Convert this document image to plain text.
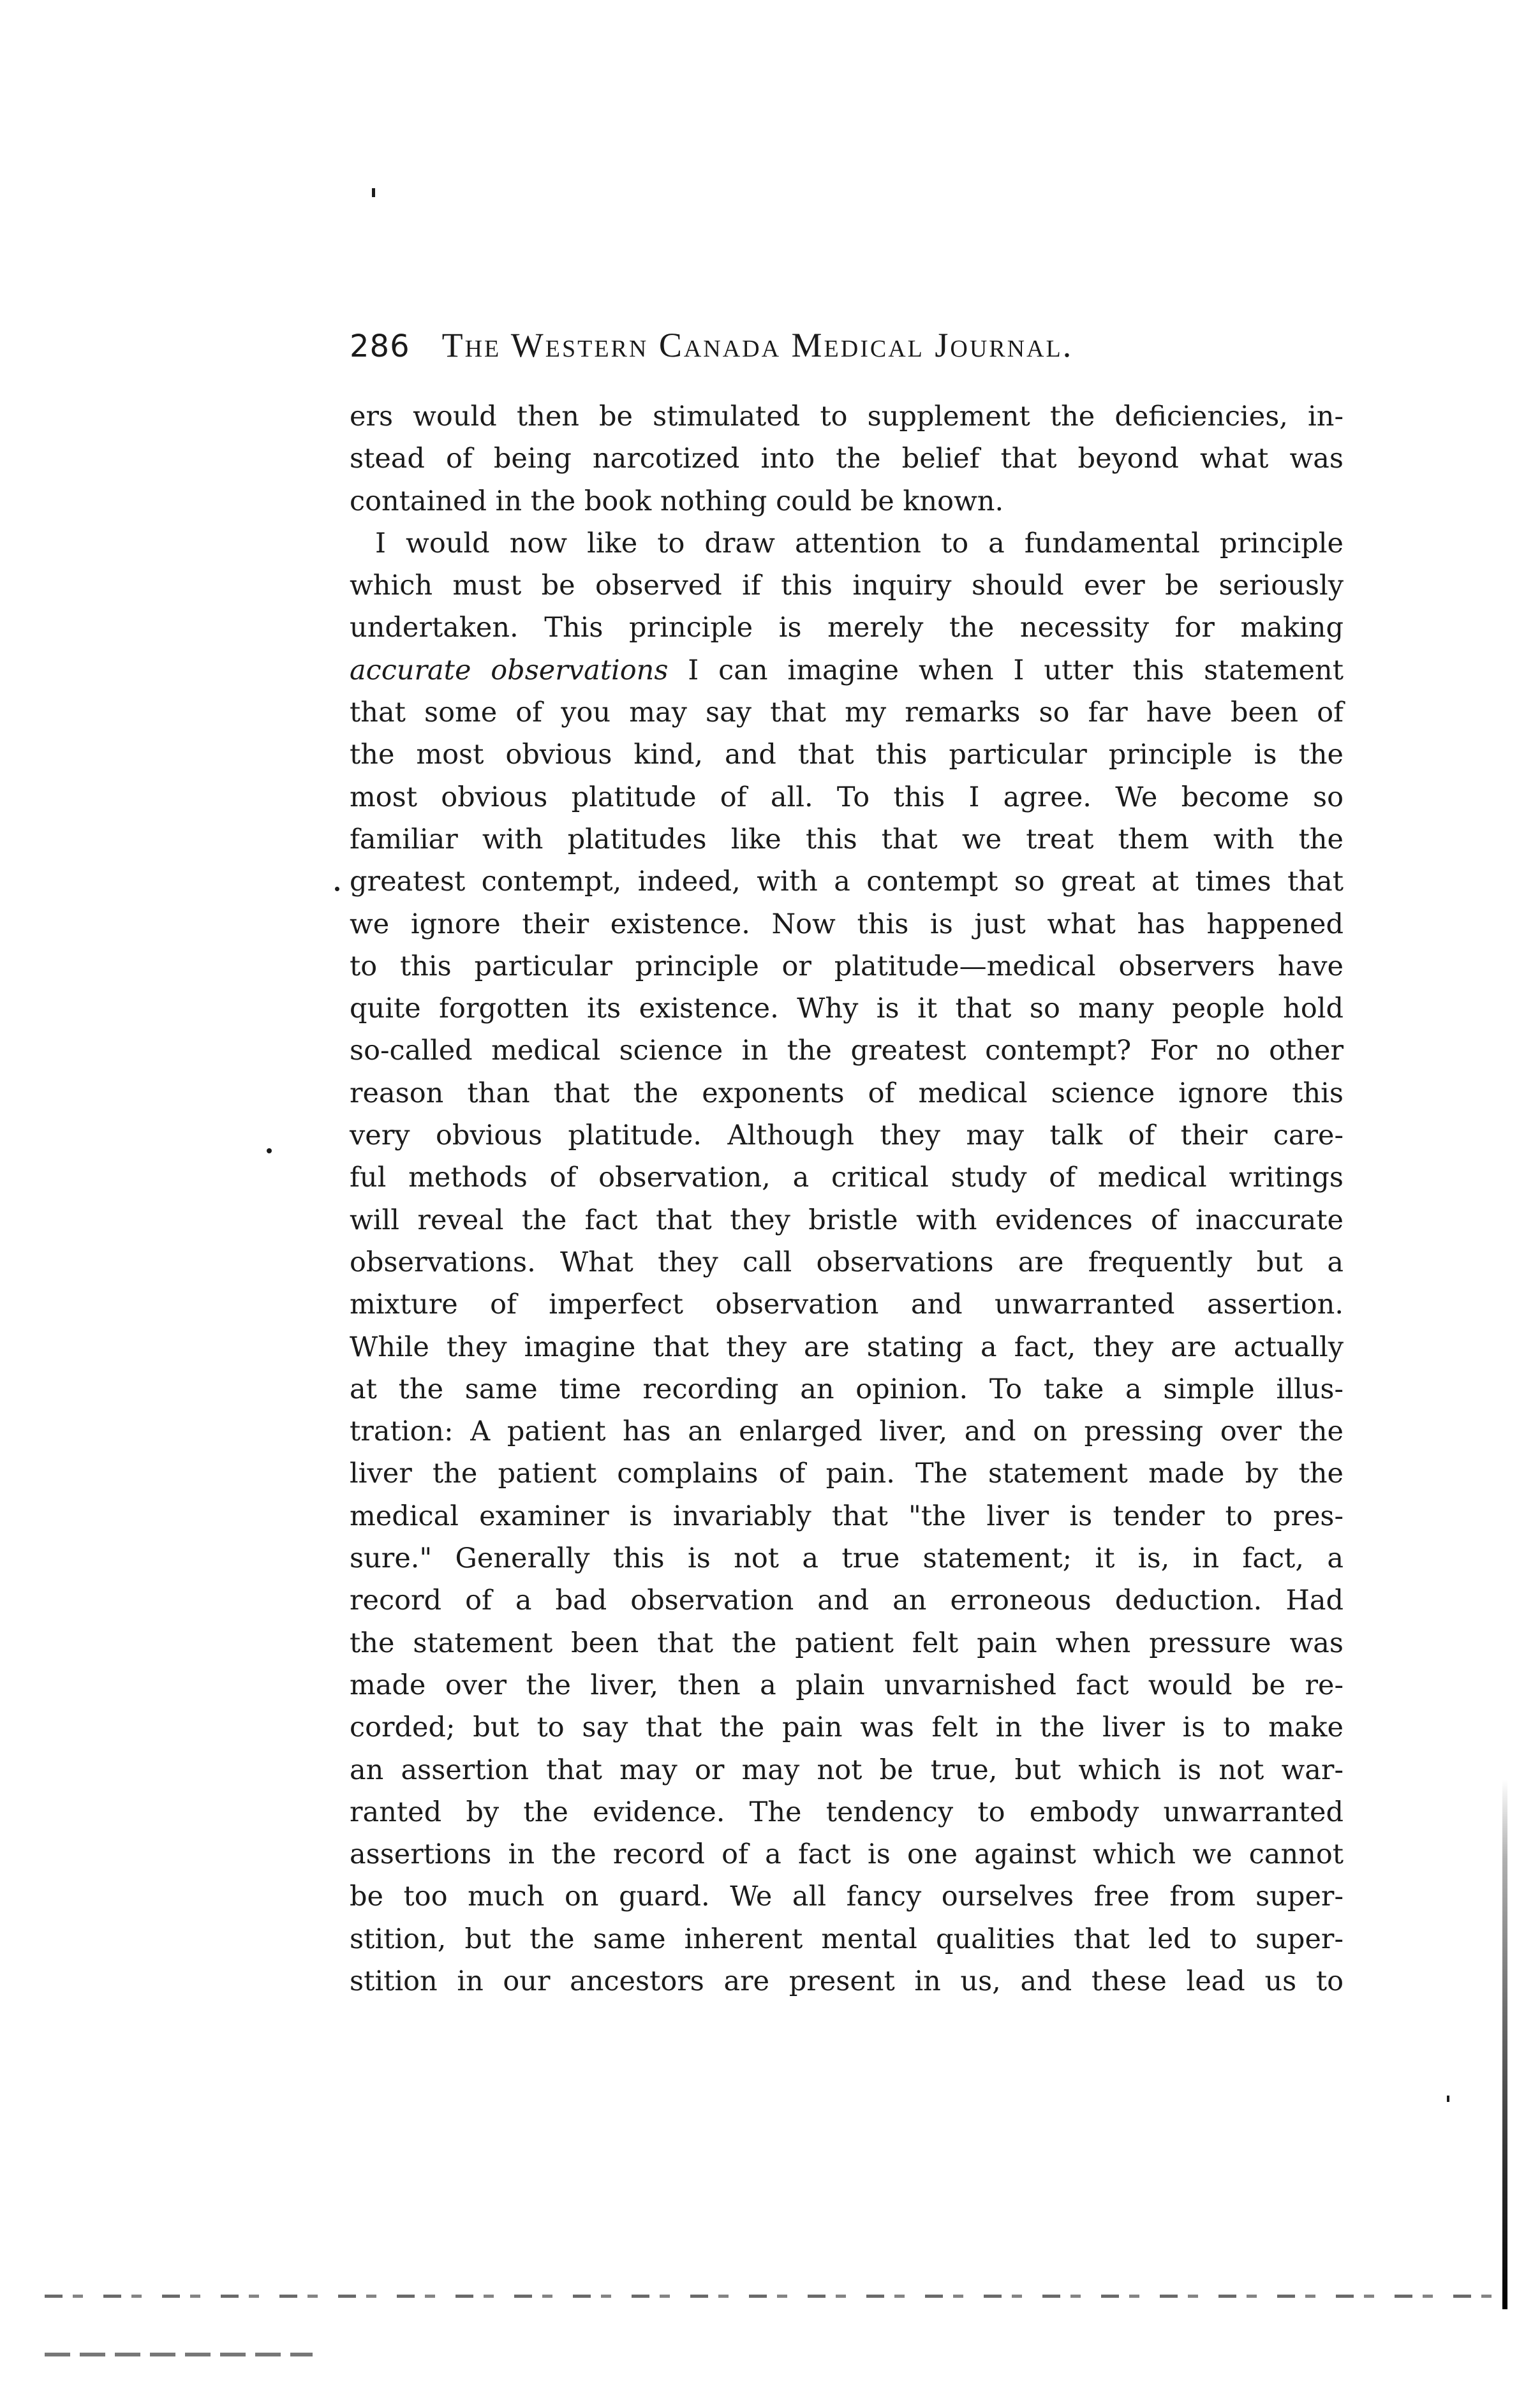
286 The Western Canada Medical Journal.
ers would then be stimulated to supplement the deficiencies, in-
stead of being narcotized into the belief that beyond what was
contained in the book nothing could be known.
I would now like to draw attention to a fundamental principle
which must be observed if this inquiry should ever be seriously
undertaken. This principle is merely the necessity for making
accurate observations I can imagine when I utter this statement
that some of you may say that my remarks so far have been of
the most obvious kind, and that this particular principle is the
most obvious platitude of all. To this I agree. We become so
familiar with platitudes like this that we treat them with the
greatest contempt, indeed, with a contempt so great at times that
we ignore their existence. Now this is just what has happened
to this particular principle or platitude—medical observers have
quite forgotten its existence. Why is it that so many people hold
so-called medical science in the greatest contempt? For no other
reason than that the exponents of medical science ignore this
very obvious platitude. Although they may talk of their care-
ful methods of observation, a critical study of medical writings
will reveal the fact that they bristle with evidences of inaccurate
observations. What they call observations are frequently but a
mixture of imperfect observation and unwarranted assertion.
While they imagine that they are stating a fact, they are actually
at the same time recording an opinion. To take a simple illus-
tration: A patient has an enlarged liver, and on pressing over the
liver the patient complains of pain. The statement made by the
medical examiner is invariably that "the liver is tender to pres-
sure." Generally this is not a true statement; it is, in fact, a
record of a bad observation and an erroneous deduction. Had
the statement been that the patient felt pain when pressure was
made over the liver, then a plain unvarnished fact would be re-
corded; but to say that the pain was felt in the liver is to make
an assertion that may or may not be true, but which is not war-
ranted by the evidence. The tendency to embody unwarranted
assertions in the record of a fact is one against which we cannot
be too much on guard. We all fancy ourselves free from super-
stition, but the same inherent mental qualities that led to super-
stition in our ancestors are present in us, and these lead us to
